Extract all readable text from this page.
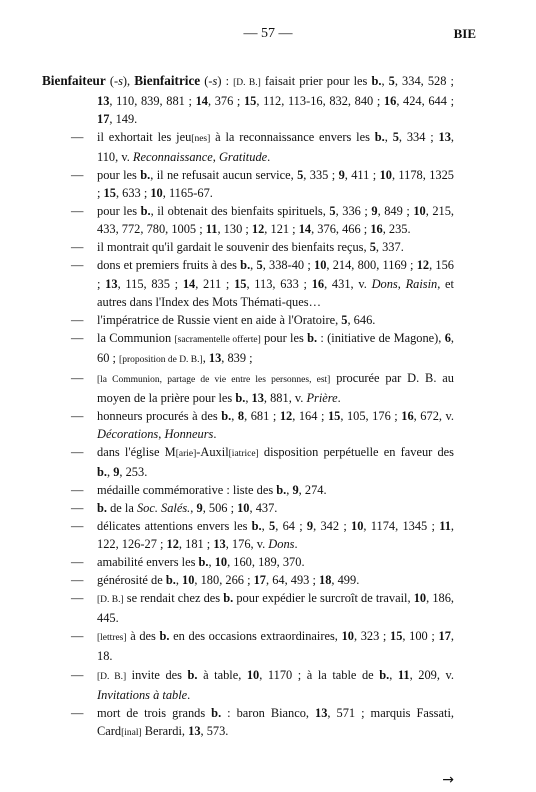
— 57 —	BIE
Bienfaiteur (-s), Bienfaitrice (-s) : [D. B.] faisait prier pour les b., 5, 334, 528 ; 13, 110, 839, 881 ; 14, 376 ; 15, 112, 113-16, 832, 840 ; 16, 424, 644 ; 17, 149.
— il exhortait les jeu[nes] à la reconnaissance envers les b., 5, 334 ; 13, 110, v. Reconnaissance, Gratitude.
— pour les b., il ne refusait aucun service, 5, 335 ; 9, 411 ; 10, 1178, 1325 ; 15, 633 ; 10, 1165-67.
— pour les b., il obtenait des bienfaits spirituels, 5, 336 ; 9, 849 ; 10, 215, 433, 772, 780, 1005 ; 11, 130 ; 12, 121 ; 14, 376, 466 ; 16, 235.
— il montrait qu'il gardait le souvenir des bienfaits reçus, 5, 337.
— dons et premiers fruits à des b., 5, 338-40 ; 10, 214, 800, 1169 ; 12, 156 ; 13, 115, 835 ; 14, 211 ; 15, 113, 633 ; 16, 431, v. Dons, Raisin, et autres dans l'Index des Mots Thémati-ques…
— l'impératrice de Russie vient en aide à l'Oratoire, 5, 646.
— la Communion [sacramentelle offerte] pour les b. : (initiative de Magone), 6, 60 ; [proposition de D. B.], 13, 839 ;
— [la Communion, partage de vie entre les personnes, est] procurée par D. B. au moyen de la prière pour les b., 13, 881, v. Prière.
— honneurs procurés à des b., 8, 681 ; 12, 164 ; 15, 105, 176 ; 16, 672, v. Décorations, Honneurs.
— dans l'église M[arie]-Auxil[iatrice] disposition perpétuelle en faveur des b., 9, 253.
— médaille commémorative : liste des b., 9, 274.
— b. de la Soc. Salés., 9, 506 ; 10, 437.
— délicates attentions envers les b., 5, 64 ; 9, 342 ; 10, 1174, 1345 ; 11, 122, 126-27 ; 12, 181 ; 13, 176, v. Dons.
— amabilité envers les b., 10, 160, 189, 370.
— générosité de b., 10, 180, 266 ; 17, 64, 493 ; 18, 499.
— [D. B.] se rendait chez des b. pour expédier le surcroît de travail, 10, 186, 445.
— [lettres] à des b. en des occasions extraordinaires, 10, 323 ; 15, 100 ; 17, 18.
— [D. B.] invite des b. à table, 10, 1170 ; à la table de b., 11, 209, v. Invitations à table.
— mort de trois grands b. : baron Bianco, 13, 571 ; marquis Fassati, Card[inal] Berardi, 13, 573.
→
